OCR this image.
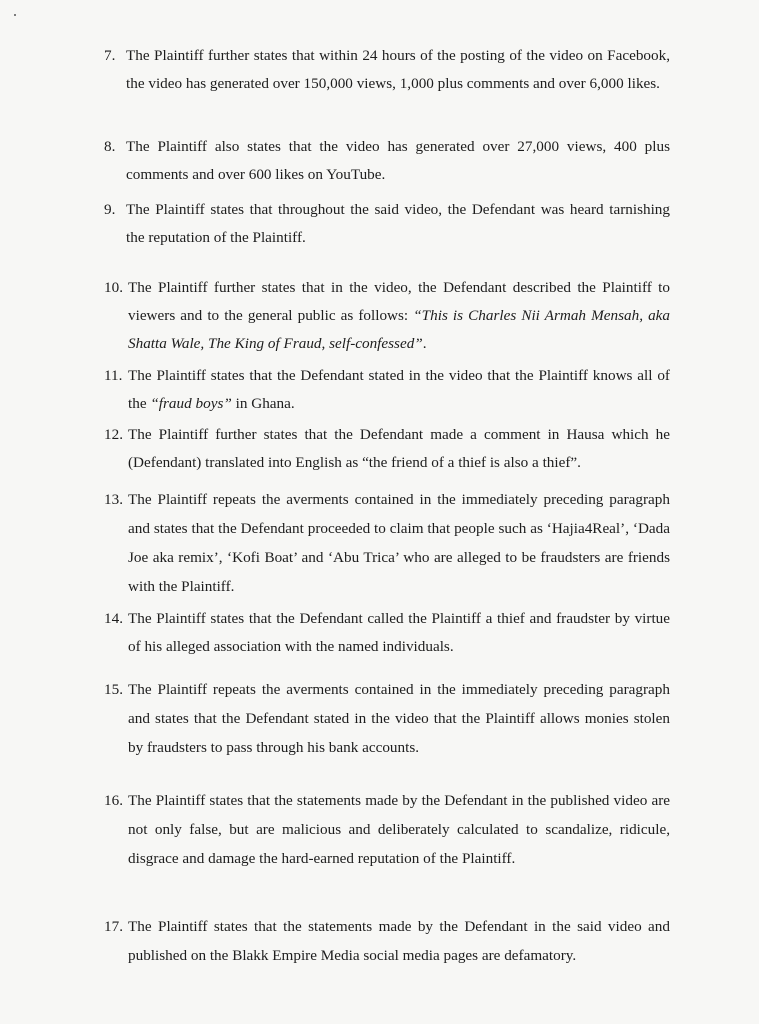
7. The Plaintiff further states that within 24 hours of the posting of the video on Facebook, the video has generated over 150,000 views, 1,000 plus comments and over 6,000 likes.
8. The Plaintiff also states that the video has generated over 27,000 views, 400 plus comments and over 600 likes on YouTube.
9. The Plaintiff states that throughout the said video, the Defendant was heard tarnishing the reputation of the Plaintiff.
10. The Plaintiff further states that in the video, the Defendant described the Plaintiff to viewers and to the general public as follows: “This is Charles Nii Armah Mensah, aka Shatta Wale, The King of Fraud, self-confessed”.
11. The Plaintiff states that the Defendant stated in the video that the Plaintiff knows all of the “fraud boys” in Ghana.
12. The Plaintiff further states that the Defendant made a comment in Hausa which he (Defendant) translated into English as “the friend of a thief is also a thief”.
13. The Plaintiff repeats the averments contained in the immediately preceding paragraph and states that the Defendant proceeded to claim that people such as ‘Hajia4Real’, ‘Dada Joe aka remix’, ‘Kofi Boat’ and ‘Abu Trica’ who are alleged to be fraudsters are friends with the Plaintiff.
14. The Plaintiff states that the Defendant called the Plaintiff a thief and fraudster by virtue of his alleged association with the named individuals.
15. The Plaintiff repeats the averments contained in the immediately preceding paragraph and states that the Defendant stated in the video that the Plaintiff allows monies stolen by fraudsters to pass through his bank accounts.
16. The Plaintiff states that the statements made by the Defendant in the published video are not only false, but are malicious and deliberately calculated to scandalize, ridicule, disgrace and damage the hard-earned reputation of the Plaintiff.
17. The Plaintiff states that the statements made by the Defendant in the said video and published on the Blakk Empire Media social media pages are defamatory.
